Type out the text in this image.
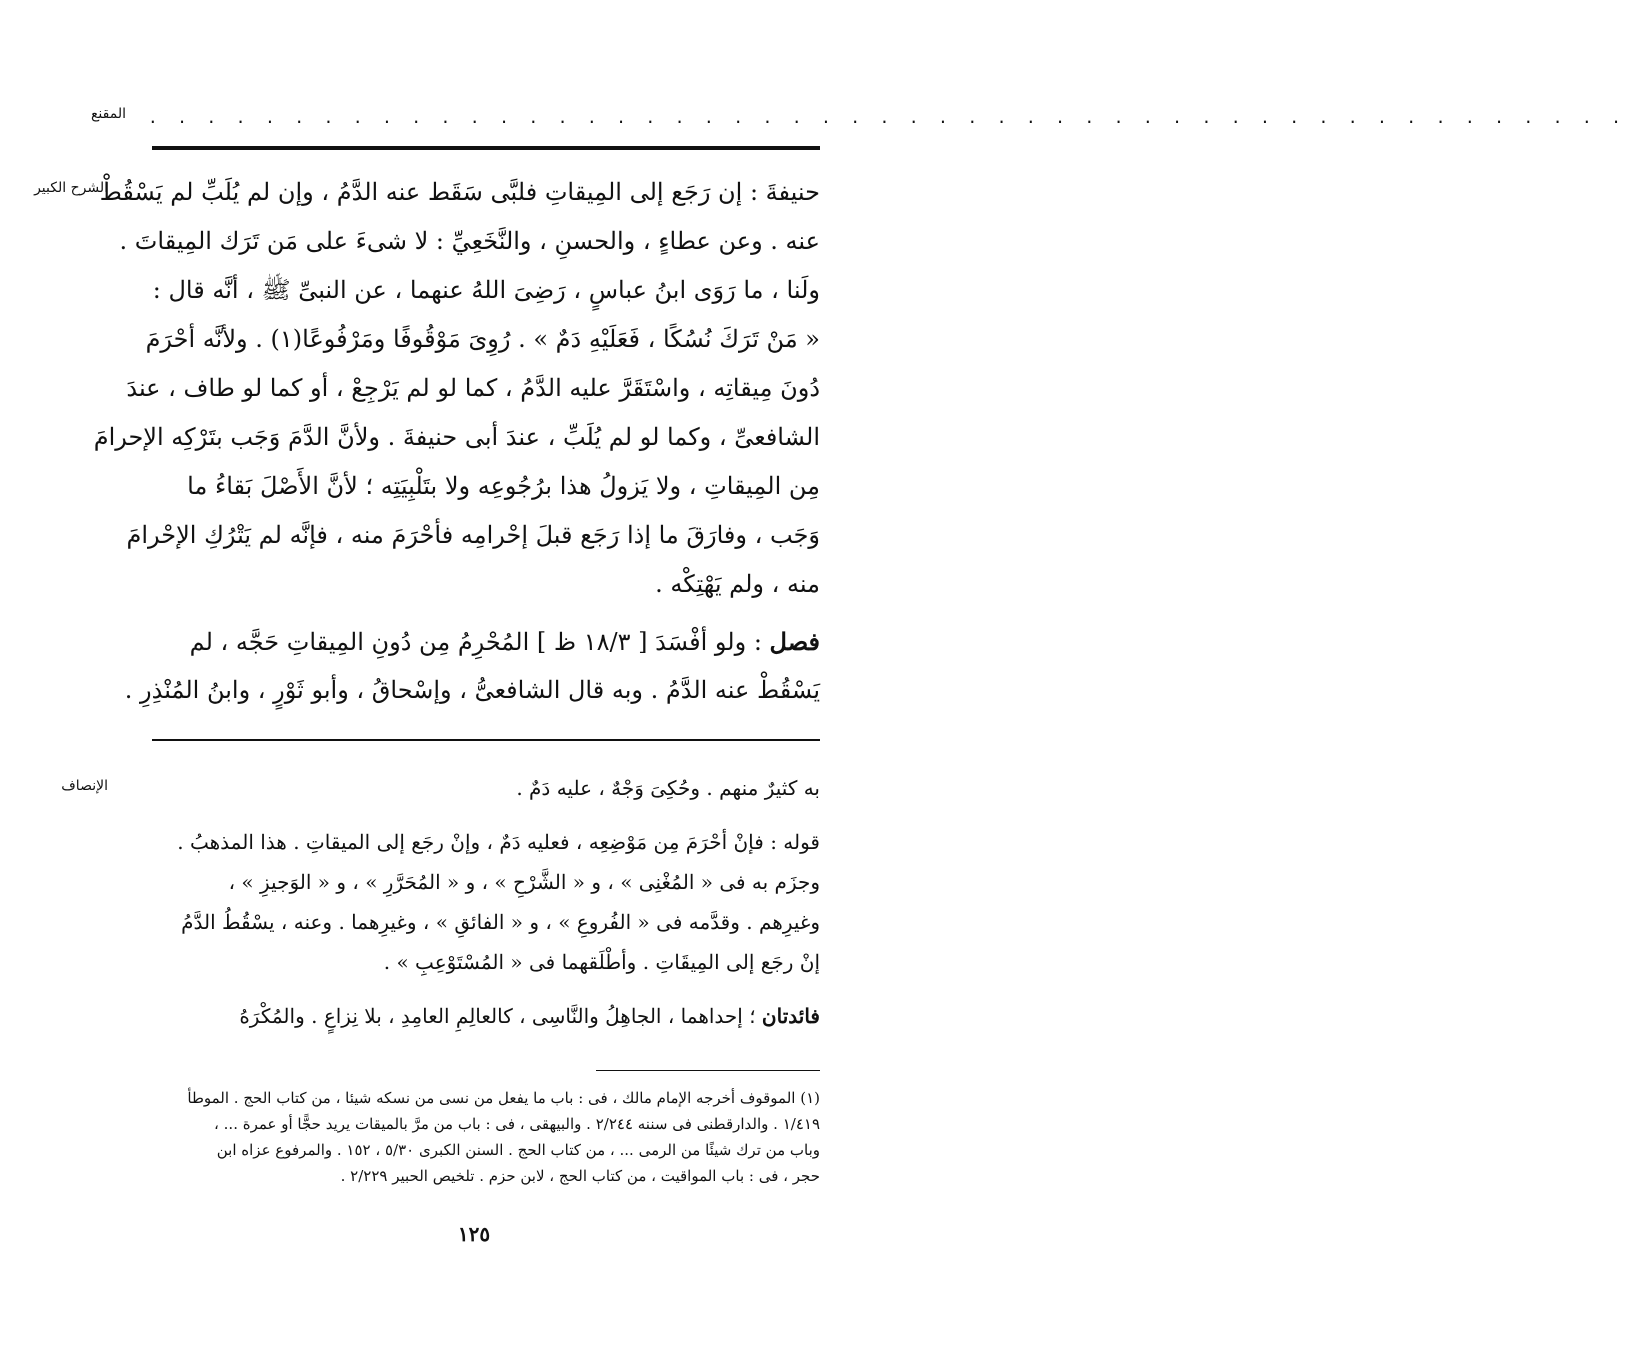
المقنع . . . . . . . . . . . . . . . . . . . . . . . . . . . . . . . . . . . . . . . . . . . . . . . . . . .
الشرح الكبير
حنيفةَ : إن رَجَع إلى المِيقاتِ فلبَّى سَقَط عنه الدَّمُ ، وإن لم يُلَبِّ لم يَسْقُطْ
عنه . وعن عطاءٍ ، والحسنِ ، والنَّخَعِيِّ : لا شىءَ على مَن تَرَك المِيقاتَ .
ولَنا ، ما رَوَى ابنُ عباسٍ ، رَضِىَ اللهُ عنهما ، عن النبىِّ ﷺ ، أنَّه قال :
« مَنْ تَرَكَ نُسُكًا ، فَعَلَيْهِ دَمٌ » . رُوِىَ مَوْقُوفًا ومَرْفُوعًا(١) . ولأنَّه أحْرَمَ
دُونَ مِيقاتِه ، واسْتَقَرَّ عليه الدَّمُ ، كما لو لم يَرْجِعْ ، أو كما لو طاف ، عندَ
الشافعىِّ ، وكما لو لم يُلَبِّ ، عندَ أبى حنيفةَ . ولأنَّ الدَّمَ وَجَب بتَرْكِه الإحرامَ
مِن المِيقاتِ ، ولا يَزولُ هذا برُجُوعِه ولا بتَلْبِيَتِه ؛ لأنَّ الأَصْلَ بَقاءُ ما
وَجَب ، وفارَقَ ما إذا رَجَع قبلَ إحْرامِه فأحْرَمَ منه ، فإنَّه لم يَتْرُكِ الإحْرامَ
منه ، ولم يَهْتِكْه .
فصل : ولو أفْسَدَ [ ١٨/٣ ظ ] المُحْرِمُ مِن دُونِ المِيقاتِ حَجَّه ، لم
يَسْقُطْ عنه الدَّمُ . وبه قال الشافعىُّ ، وإسْحاقُ ، وأبو ثَوْرٍ ، وابنُ المُنْذِرِ .
الإنصاف	به كثيرٌ منهم . وحُكِىَ وَجْهٌ ، عليه دَمٌ .
قوله : فإنْ أحْرَمَ مِن مَوْضِعِه ، فعليه دَمٌ ، وإنْ رجَع إلى الميقاتِ . هذا المذهبُ .
وجزَم به فى « المُغْنِى » ، و « الشَّرْحِ » ، و « المُحَرَّرِ » ، و « الوَجيزِ » ،
وغيرِهم . وقدَّمه فى « الفُروعِ » ، و « الفائقِ » ، وغيرِهما . وعنه ، يسْقُطُ الدَّمُ
إنْ رجَع إلى المِيقَاتِ . وأطْلَقهما فى « المُسْتَوْعِبِ » .
فائدتان ؛ إحداهما ، الجاهِلُ والنَّاسِى ، كالعالِمِ العامِدِ ، بلا نِزاعٍ . والمُكْرَهُ
(١) الموقوف أخرجه الإمام مالك ، فى : باب ما يفعل من نسى من نسكه شيئا ، من كتاب الحج . الموطأ
١/٤١٩ . والدارقطنى فى سننه ٢/٢٤٤ . والبيهقى ، فى : باب من مرَّ بالميقات يريد حجًّا أو عمرة ... ،
وباب من ترك شيئًا من الرمى ... ، من كتاب الحج . السنن الكبرى ٥/٣٠ ، ١٥٢ . والمرفوع عزاه ابن
حجر ، فى : باب المواقيت ، من كتاب الحج ، لابن حزم . تلخيص الحبير ٢/٢٢٩ .
١٢٥
